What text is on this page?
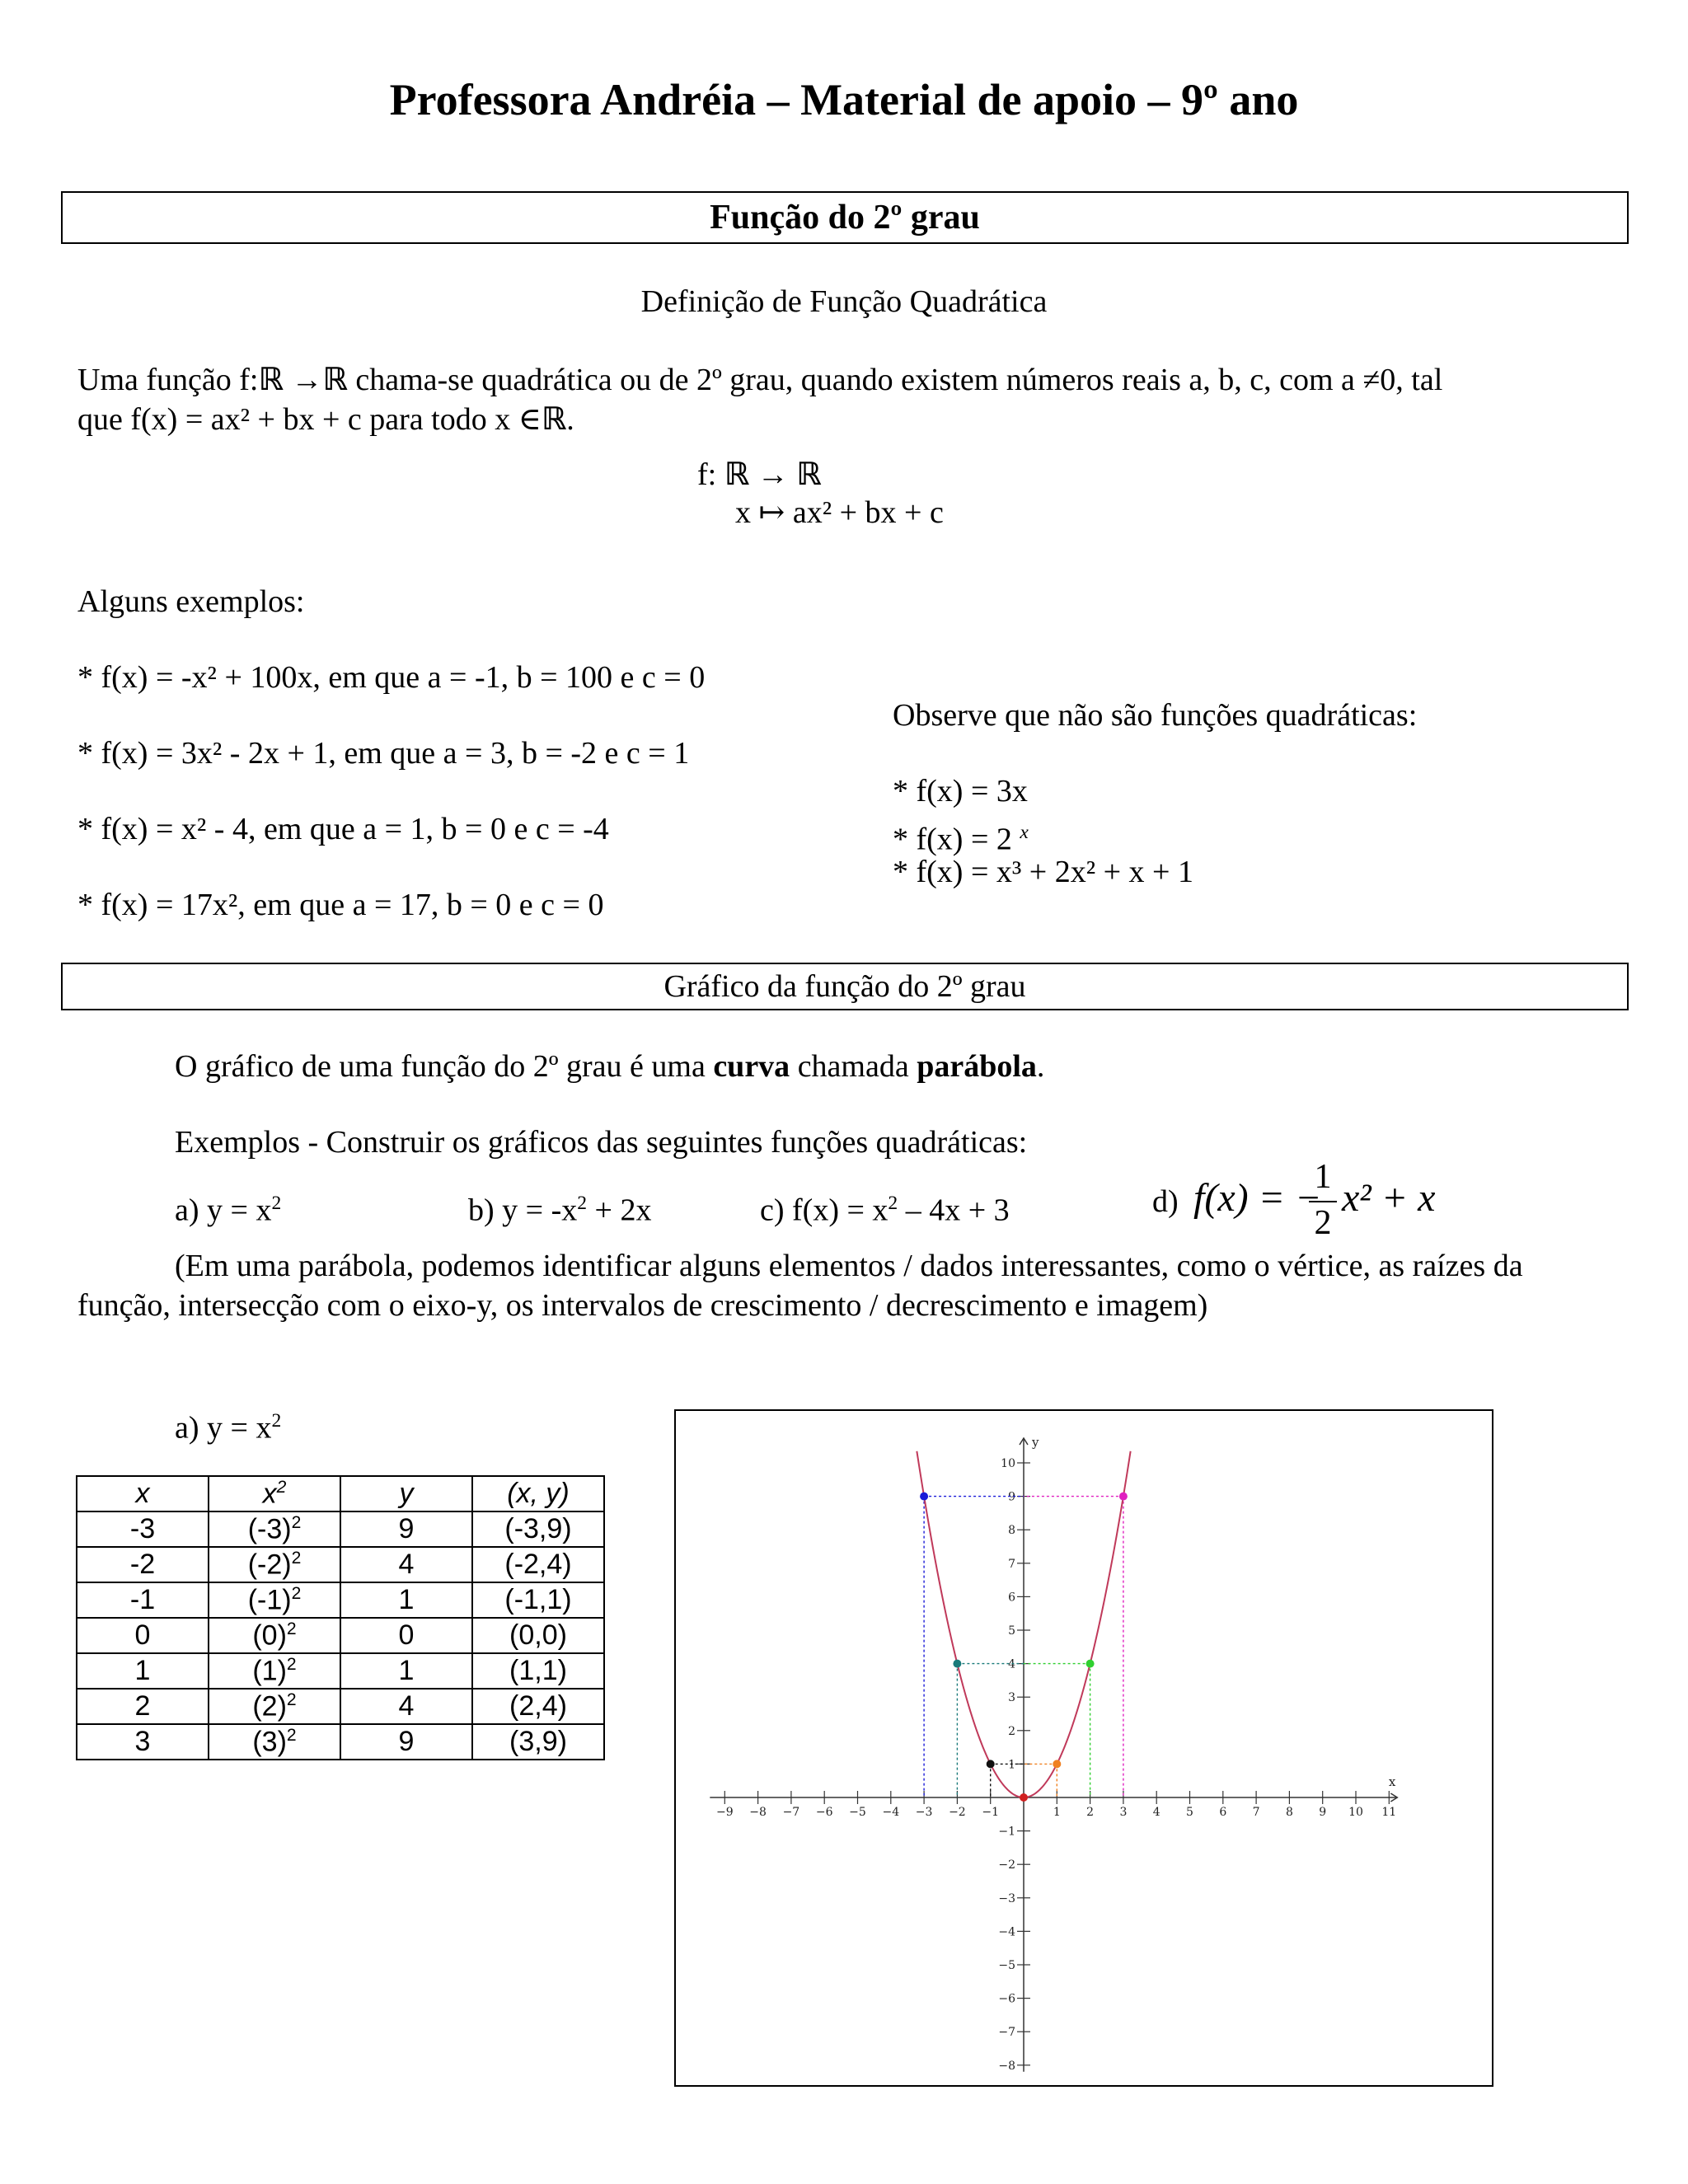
Professora Andréia – Material de apoio – 9º ano
Função do 2º grau
Definição de Função Quadrática
Uma função f:ℝ →ℝ chama-se quadrática ou de 2º grau, quando existem números reais a, b, c, com a ≠0, tal
que f(x) = ax² + bx + c para todo x ∈ℝ.
f: ℝ → ℝ
x ↦ ax² + bx + c
Alguns exemplos:
* f(x) = -x² + 100x, em que a = -1, b = 100 e c = 0
* f(x) = 3x² - 2x + 1, em que a = 3, b = -2 e c = 1
* f(x) = x² - 4, em que a = 1, b = 0 e c = -4
* f(x) = 17x², em que a = 17, b = 0 e c = 0
Observe que não são funções quadráticas:
* f(x) = 3x
* f(x) = 2 $^x$
* f(x) = x³ + 2x² + x + 1
Gráfico da função do 2º grau
O gráfico de uma função do 2º grau é uma curva chamada parábola.
Exemplos - Construir os gráficos das seguintes funções quadráticas:
a) $y = x^2$	b) $y = -x^2 + 2x$	c) $f(x) = x^2 - 4x + 3$	d) f(x) = −
1
2
x² + x
(Em uma parábola, podemos identificar alguns elementos / dados interessantes, como o vértice, as raízes da
função, intersecção com o eixo-y, os intervalos de crescimento / decrescimento e imagem)
a) $y = x^2$
x	$x^2$	y	(x, y)
-3	$(-3)^2$	9	(-3,9)
-2	$(-2)^2$	4	(-2,4)
-1	$(-1)^2$	1	(-1,1)
0	$(0)^2$	0	(0,0)
1	$(1)^2$	1	(1,1)
2	$(2)^2$	4	(2,4)
3	$(3)^2$	9	(3,9)
−9 −8 −7 −6 −5 −4 −3 −2 −1	1 2 3 4 5 6 7 8 9 10 11
−8
−7
−6
−5
−4
−3
−2
−1
1
2
3
4
5
6
7
8
9
10
x
y
